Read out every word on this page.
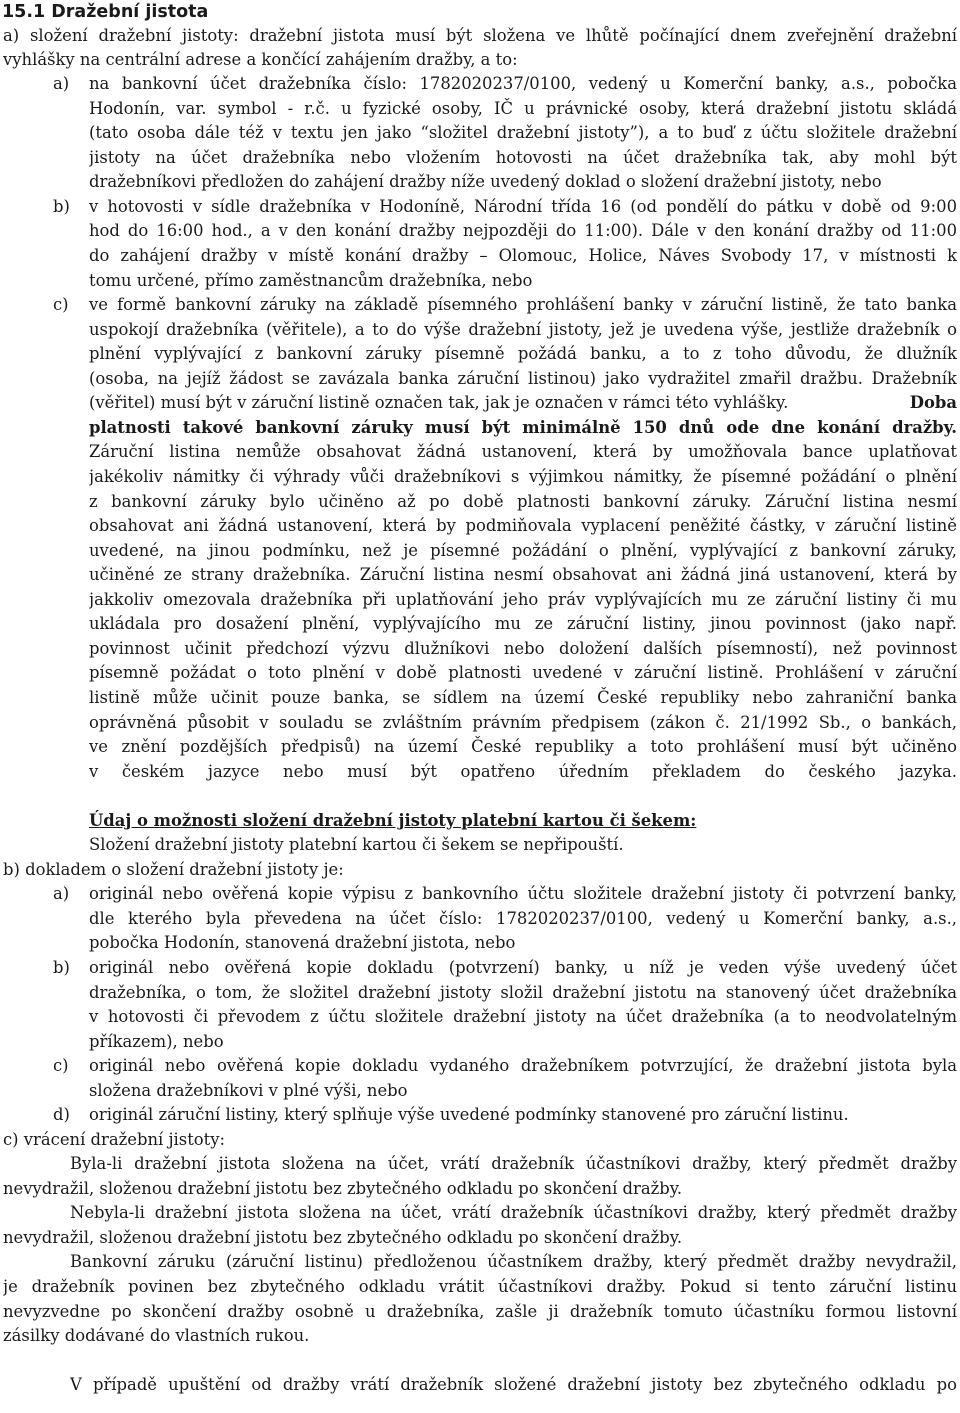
15.1 Dražební jistota
a) složení dražební jistoty: dražební jistota musí být složena ve lhůtě počínající dnem zveřejnění dražební
vyhlášky na centrální adrese a končící zahájením dražby, a to:
a) na bankovní účet dražebníka číslo: 1782020237/0100, vedený u Komerční banky, a.s., pobočka
Hodonín, var. symbol - r.č. u fyzické osoby, IČ u právnické osoby, která dražební jistotu skládá
(tato osoba dále též v textu jen jako “složitel dražební jistoty”), a to buď z účtu složitele dražební
jistoty na účet dražebníka nebo vložením hotovosti na účet dražebníka tak, aby mohl být
dražebníkovi předložen do zahájení dražby níže uvedený doklad o složení dražební jistoty, nebo
b) v hotovosti v sídle dražebníka v Hodoníně, Národní třída 16 (od pondělí do pátku v době od 9:00
hod do 16:00 hod., a v den konání dražby nejpozději do 11:00). Dále v den konání dražby od 11:00
do zahájení dražby v místě konání dražby – Olomouc, Holice, Náves Svobody 17, v místnosti k
tomu určené, přímo zaměstnancům dražebníka, nebo
c) ve formě bankovní záruky na základě písemného prohlášení banky v záruční listině, že tato banka
uspokojí dražebníka (věřitele), a to do výše dražební jistoty, jež je uvedena výše, jestliže dražebník o
plnění vyplývající z bankovní záruky písemně požádá banku, a to z toho důvodu, že dlužník
(osoba, na jejíž žádost se zavázala banka záruční listinou) jako vydražitel zmařil dražbu. Dražebník
(věřitel) musí být v záruční listině označen tak, jak je označen v rámci této vyhlášky.	Doba
platnosti takové bankovní záruky musí být minimálně 150 dnů ode dne konání dražby.
Záruční listina nemůže obsahovat žádná ustanovení, která by umožňovala bance uplatňovat
jakékoliv námitky či výhrady vůči dražebníkovi s výjimkou námitky, že písemné požádání o plnění
z bankovní záruky bylo učiněno až po době platnosti bankovní záruky. Záruční listina nesmí
obsahovat ani žádná ustanovení, která by podmiňovala vyplacení peněžité částky, v záruční listině
uvedené, na jinou podmínku, než je písemné požádání o plnění, vyplývající z bankovní záruky,
učiněné ze strany dražebníka. Záruční listina nesmí obsahovat ani žádná jiná ustanovení, která by
jakkoliv omezovala dražebníka při uplatňování jeho práv vyplývajících mu ze záruční listiny či mu
ukládala pro dosažení plnění, vyplývajícího mu ze záruční listiny, jinou povinnost (jako např.
povinnost učinit předchozí výzvu dlužníkovi nebo doložení dalších písemností), než povinnost
písemně požádat o toto plnění v době platnosti uvedené v záruční listině. Prohlášení v záruční
listině může učinit pouze banka, se sídlem na území České republiky nebo zahraniční banka
oprávněná působit v souladu se zvláštním právním předpisem (zákon č. 21/1992 Sb., o bankách,
ve znění pozdějších předpisů) na území České republiky a toto prohlášení musí být učiněno
v českém jazyce nebo musí být opatřeno úředním překladem do českého jazyka.
Údaj o možnosti složení dražební jistoty platební kartou či šekem:
Složení dražební jistoty platební kartou či šekem se nepřipouští.
b) dokladem o složení dražební jistoty je:
a) originál nebo ověřená kopie výpisu z bankovního účtu složitele dražební jistoty či potvrzení banky,
dle kterého byla převedena na účet číslo: 1782020237/0100, vedený u Komerční banky, a.s.,
pobočka Hodonín, stanovená dražební jistota, nebo
b) originál nebo ověřená kopie dokladu (potvrzení) banky, u níž je veden výše uvedený účet
dražebníka, o tom, že složitel dražební jistoty složil dražební jistotu na stanovený účet dražebníka
v hotovosti či převodem z účtu složitele dražební jistoty na účet dražebníka (a to neodvolatelným
příkazem), nebo
c) originál nebo ověřená kopie dokladu vydaného dražebníkem potvrzující, že dražební jistota byla
složena dražebníkovi v plné výši, nebo
d) originál záruční listiny, který splňuje výše uvedené podmínky stanovené pro záruční listinu.
c) vrácení dražební jistoty:
Byla-li dražební jistota složena na účet, vrátí dražebník účastníkovi dražby, který předmět dražby
nevydražil, složenou dražební jistotu bez zbytečného odkladu po skončení dražby.
Nebyla-li dražební jistota složena na účet, vrátí dražebník účastníkovi dražby, který předmět dražby
nevydražil, složenou dražební jistotu bez zbytečného odkladu po skončení dražby.
Bankovní záruku (záruční listinu) předloženou účastníkem dražby, který předmět dražby nevydražil,
je dražebník povinen bez zbytečného odkladu vrátit účastníkovi dražby. Pokud si tento záruční listinu
nevyzvedne po skončení dražby osobně u dražebníka, zašle ji dražebník tomuto účastníku formou listovní
zásilky dodávané do vlastních rukou.
V případě upuštění od dražby vrátí dražebník složené dražební jistoty bez zbytečného odkladu po
